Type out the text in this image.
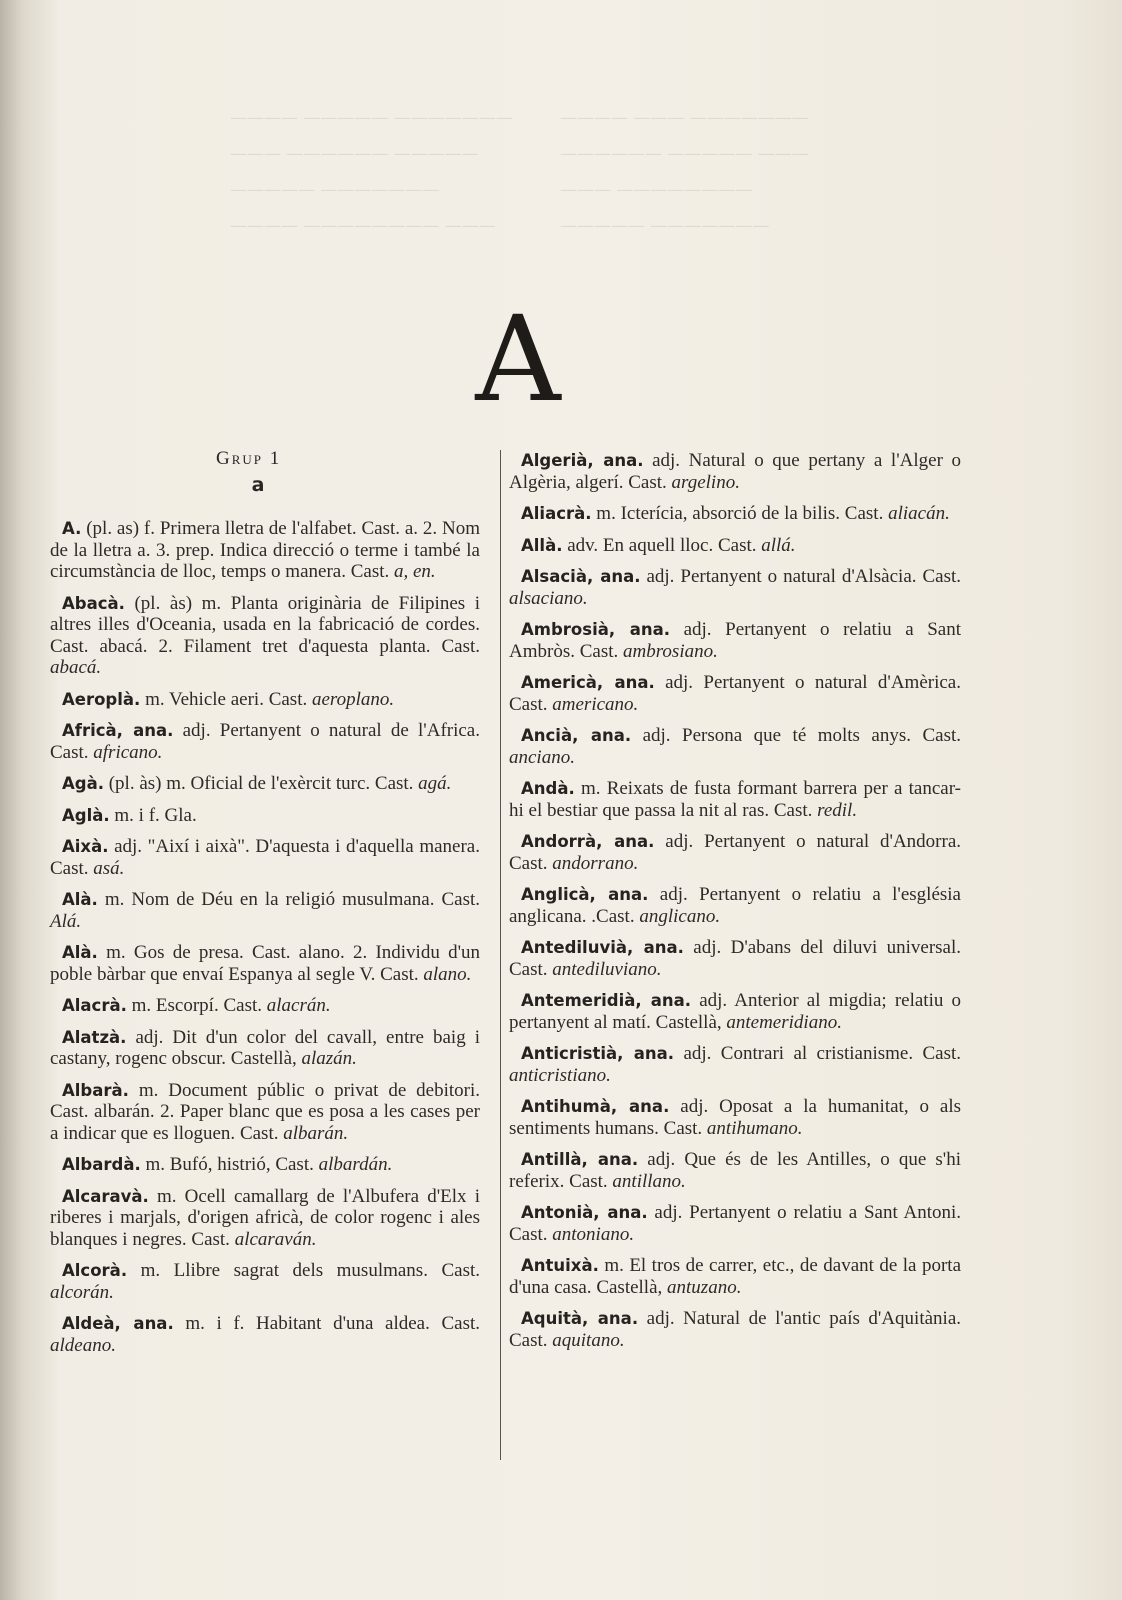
———— ————— ———————
——— —————— —————
————— ———————
———— ———————— ———
———— ——— ———————
—————— ————— ———
——— ————————
————— ———————
A
Grup 1
a

A. (pl. as) f. Primera lletra de l'alfabet. Cast. a. 2. Nom de la lletra a. 3. prep. Indica direcció o terme i també la circumstància de lloc, temps o manera. Cast. a, en.

Abacà. (pl. às) m. Planta originària de Filipines i altres illes d'Oceania, usada en la fabricació de cordes. Cast. abacá. 2. Filament tret d'aquesta planta. Cast. abacá.

Aeroplà. m. Vehicle aeri. Cast. aeroplano.

Africà, ana. adj. Pertanyent o natural de l'Africa. Cast. africano.

Agà. (pl. às) m. Oficial de l'exèrcit turc. Cast. agá.

Aglà. m. i f. Gla.

Aixà. adj. "Així i aixà". D'aquesta i d'aquella manera. Cast. asá.

Alà. m. Nom de Déu en la religió musulmana. Cast. Alá.

Alà. m. Gos de presa. Cast. alano. 2. Individu d'un poble bàrbar que envaí Espanya al segle V. Cast. alano.

Alacrà. m. Escorpí. Cast. alacrán.

Alatzà. adj. Dit d'un color del cavall, entre baig i castany, rogenc obscur. Castellà, alazán.

Albarà. m. Document públic o privat de debitori. Cast. albarán. 2. Paper blanc que es posa a les cases per a indicar que es lloguen. Cast. albarán.

Albardà. m. Bufó, histrió, Cast. albardán.

Alcaravà. m. Ocell camallarg de l'Albufera d'Elx i riberes i marjals, d'origen africà, de color rogenc i ales blanques i negres. Cast. alcaraván.

Alcorà. m. Llibre sagrat dels musulmans. Cast. alcorán.

Aldeà, ana. m. i f. Habitant d'una aldea. Cast. aldeano.

Algerià, ana. adj. Natural o que pertany a l'Alger o Algèria, algerí. Cast. argelino.

Aliacrà. m. Icterícia, absorció de la bilis. Cast. aliacán.

Allà. adv. En aquell lloc. Cast. allá.

Alsacià, ana. adj. Pertanyent o natural d'Alsàcia. Cast. alsaciano.

Ambrosià, ana. adj. Pertanyent o relatiu a Sant Ambròs. Cast. ambrosiano.

Americà, ana. adj. Pertanyent o natural d'Amèrica. Cast. americano.

Ancià, ana. adj. Persona que té molts anys. Cast. anciano.

Andà. m. Reixats de fusta formant barrera per a tancar-hi el bestiar que passa la nit al ras. Cast. redil.

Andorrà, ana. adj. Pertanyent o natural d'Andorra. Cast. andorrano.

Anglicà, ana. adj. Pertanyent o relatiu a l'església anglicana. .Cast. anglicano.

Antediluvià, ana. adj. D'abans del diluvi universal. Cast. antediluviano.

Antemeridià, ana. adj. Anterior al migdia; relatiu o pertanyent al matí. Castellà, antemeridiano.

Anticristià, ana. adj. Contrari al cristianisme. Cast. anticristiano.

Antihumà, ana. adj. Oposat a la humanitat, o als sentiments humans. Cast. antihumano.

Antillà, ana. adj. Que és de les Antilles, o que s'hi referix. Cast. antillano.

Antonià, ana. adj. Pertanyent o relatiu a Sant Antoni. Cast. antoniano.

Antuixà. m. El tros de carrer, etc., de davant de la porta d'una casa. Castellà, antuzano.

Aquità, ana. adj. Natural de l'antic país d'Aquitània. Cast. aquitano.
